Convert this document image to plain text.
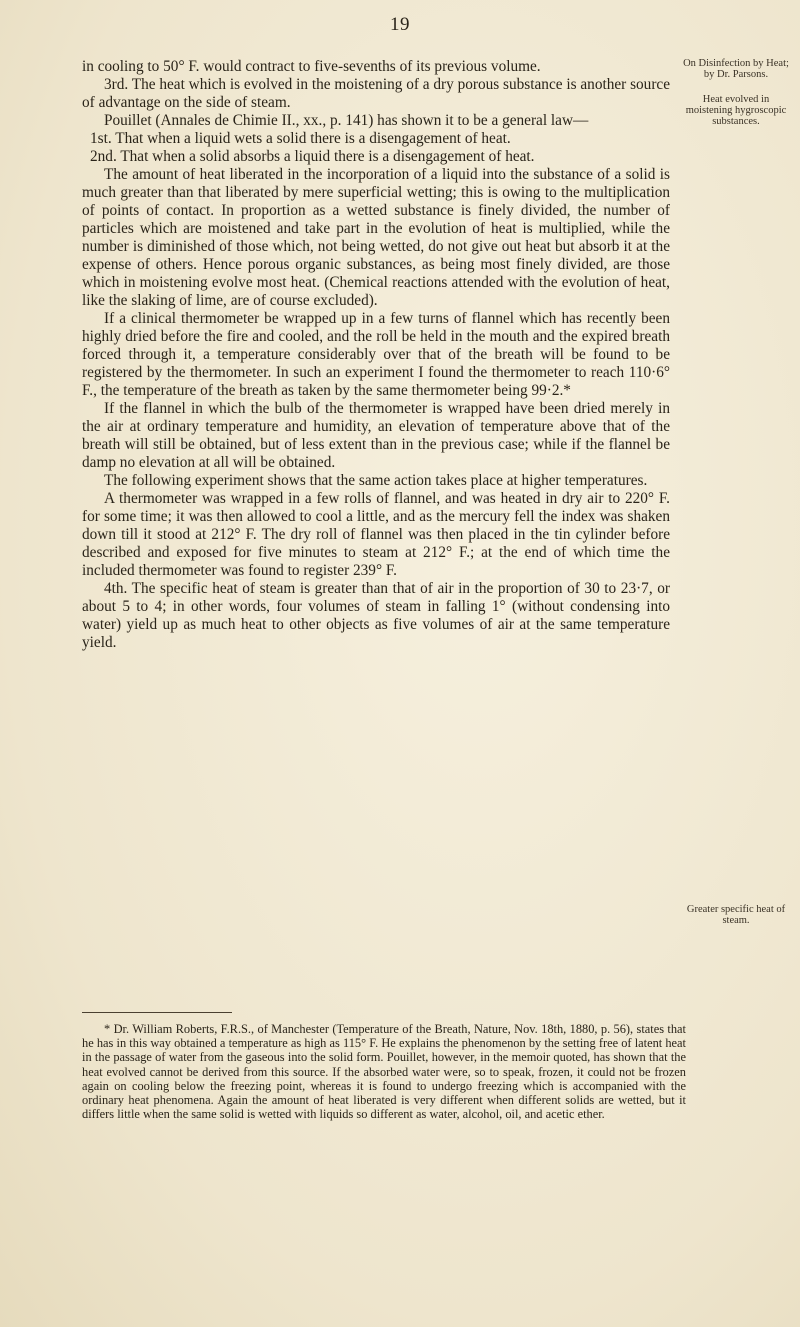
19

in cooling to 50° F. would contract to five-sevenths of its previous volume.

3rd. The heat which is evolved in the moistening of a dry porous substance is another source of advantage on the side of steam.

Pouillet (Annales de Chimie II., xx., p. 141) has shown it to be a general law—

1st. That when a liquid wets a solid there is a disengagement of heat.

2nd. That when a solid absorbs a liquid there is a disengagement of heat.

The amount of heat liberated in the incorporation of a liquid into the substance of a solid is much greater than that liberated by mere superficial wetting; this is owing to the multiplication of points of contact. In proportion as a wetted substance is finely divided, the number of particles which are moistened and take part in the evolution of heat is multiplied, while the number is diminished of those which, not being wetted, do not give out heat but absorb it at the expense of others. Hence porous organic substances, as being most finely divided, are those which in moistening evolve most heat. (Chemical reactions attended with the evolution of heat, like the slaking of lime, are of course excluded).

If a clinical thermometer be wrapped up in a few turns of flannel which has recently been highly dried before the fire and cooled, and the roll be held in the mouth and the expired breath forced through it, a temperature considerably over that of the breath will be found to be registered by the thermometer. In such an experiment I found the thermometer to reach 110·6° F., the temperature of the breath as taken by the same thermometer being 99·2.*

If the flannel in which the bulb of the thermometer is wrapped have been dried merely in the air at ordinary temperature and humidity, an elevation of temperature above that of the breath will still be obtained, but of less extent than in the previous case; while if the flannel be damp no elevation at all will be obtained.

The following experiment shows that the same action takes place at higher temperatures.

A thermometer was wrapped in a few rolls of flannel, and was heated in dry air to 220° F. for some time; it was then allowed to cool a little, and as the mercury fell the index was shaken down till it stood at 212° F. The dry roll of flannel was then placed in the tin cylinder before described and exposed for five minutes to steam at 212° F.; at the end of which time the included thermometer was found to register 239° F.

4th. The specific heat of steam is greater than that of air in the proportion of 30 to 23·7, or about 5 to 4; in other words, four volumes of steam in falling 1° (without condensing into water) yield up as much heat to other objects as five volumes of air at the same temperature yield.

On Disinfection by Heat; by Dr. Parsons.
Heat evolved in moistening hygroscopic substances.
Greater specific heat of steam.

* Dr. William Roberts, F.R.S., of Manchester (Temperature of the Breath, Nature, Nov. 18th, 1880, p. 56), states that he has in this way obtained a temperature as high as 115° F. He explains the phenomenon by the setting free of latent heat in the passage of water from the gaseous into the solid form. Pouillet, however, in the memoir quoted, has shown that the heat evolved cannot be derived from this source. If the absorbed water were, so to speak, frozen, it could not be frozen again on cooling below the freezing point, whereas it is found to undergo freezing which is accompanied with the ordinary heat phenomena. Again the amount of heat liberated is very different when different solids are wetted, but it differs little when the same solid is wetted with liquids so different as water, alcohol, oil, and acetic ether.
